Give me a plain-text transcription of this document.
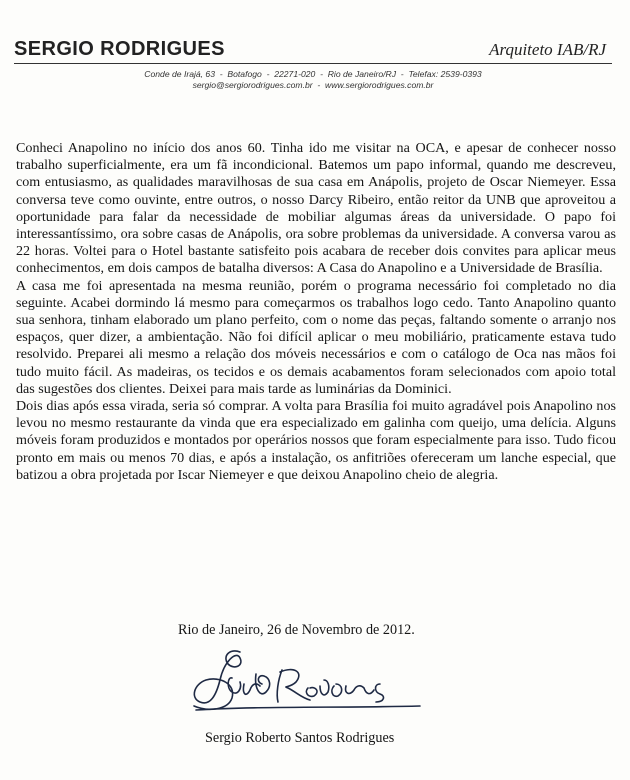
SERGIO RODRIGUES	Arquiteto IAB/RJ
Conde de Irajá, 63  -  Botafogo  -  22271-020  -  Rio de Janeiro/RJ  -  Telefax: 2539-0393
sergio@sergiorodrigues.com.br  -  www.sergiorodrigues.com.br

Conheci Anapolino no início dos anos 60. Tinha ido me visitar na OCA, e apesar de conhecer nosso trabalho superficialmente, era um fã incondicional. Batemos um papo informal, quando me descreveu, com entusiasmo, as qualidades maravilhosas de sua casa em Anápolis, projeto de Oscar Niemeyer. Essa conversa teve como ouvinte, entre outros, o nosso Darcy Ribeiro, então reitor da UNB que aproveitou a oportunidade para falar da necessidade de mobiliar algumas áreas da universidade. O papo foi interessantíssimo, ora sobre casas de Anápolis, ora sobre problemas da universidade. A conversa varou as 22 horas. Voltei para o Hotel bastante satisfeito pois acabara de receber dois convites para aplicar meus conhecimentos, em dois campos de batalha diversos: A Casa do Anapolino e a Universidade de Brasília.

A casa me foi apresentada na mesma reunião, porém o programa necessário foi completado no dia seguinte. Acabei dormindo lá mesmo para começarmos os trabalhos logo cedo. Tanto Anapolino quanto sua senhora, tinham elaborado um plano perfeito, com o nome das peças, faltando somente o arranjo nos espaços, quer dizer, a ambientação. Não foi difícil aplicar o meu mobiliário, praticamente estava tudo resolvido. Preparei ali mesmo a relação dos móveis necessários e com o catálogo de Oca nas mãos foi tudo muito fácil. As madeiras, os tecidos e os demais acabamentos foram selecionados com apoio total das sugestões dos clientes. Deixei para mais tarde as luminárias da Dominici.

Dois dias após essa virada, seria só comprar. A volta para Brasília foi muito agradável pois Anapolino nos levou no mesmo restaurante da vinda que era especializado em galinha com queijo, uma delícia. Alguns móveis foram produzidos e montados por operários nossos que foram especialmente para isso. Tudo ficou pronto em mais ou menos 70 dias, e após a instalação, os anfitriões ofereceram um lanche especial, que batizou a obra projetada por Iscar Niemeyer e que deixou Anapolino cheio de alegria.

Rio de Janeiro, 26 de Novembro de 2012.
Sergio Roberto Santos Rodrigues
